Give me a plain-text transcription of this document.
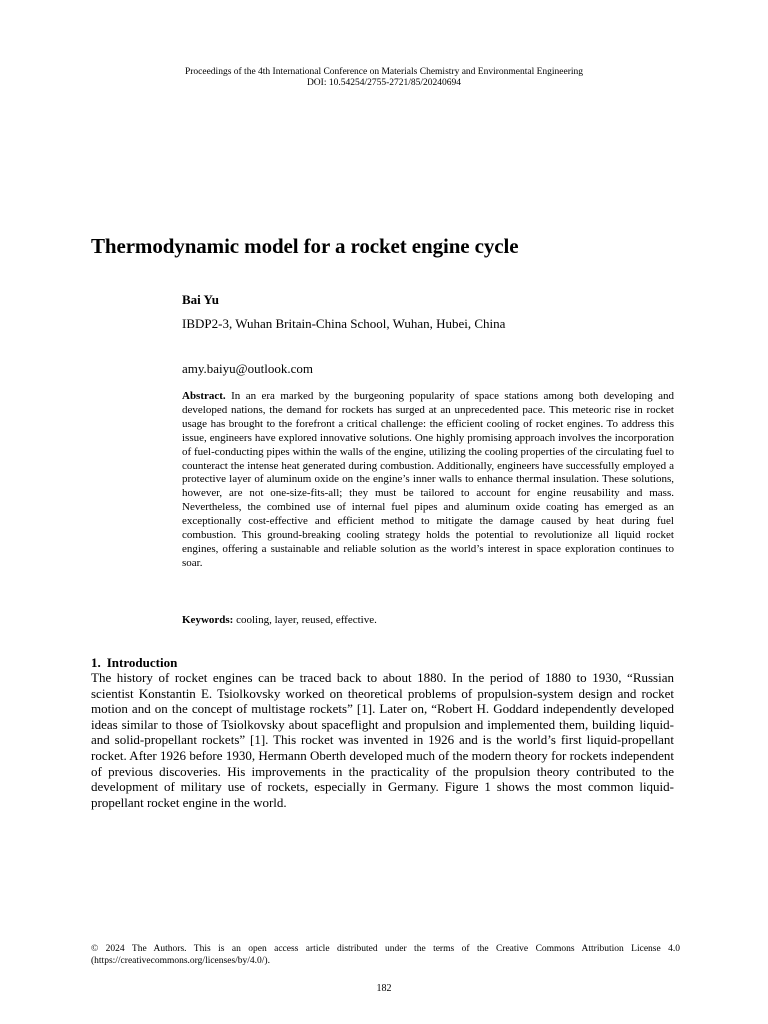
Proceedings of the 4th International Conference on Materials Chemistry and Environmental Engineering
DOI: 10.54254/2755-2721/85/20240694
Thermodynamic model for a rocket engine cycle
Bai Yu
IBDP2-3, Wuhan Britain-China School, Wuhan, Hubei, China
amy.baiyu@outlook.com
Abstract. In an era marked by the burgeoning popularity of space stations among both developing and developed nations, the demand for rockets has surged at an unprecedented pace. This meteoric rise in rocket usage has brought to the forefront a critical challenge: the efficient cooling of rocket engines. To address this issue, engineers have explored innovative solutions. One highly promising approach involves the incorporation of fuel-conducting pipes within the walls of the engine, utilizing the cooling properties of the circulating fuel to counteract the intense heat generated during combustion. Additionally, engineers have successfully employed a protective layer of aluminum oxide on the engine’s inner walls to enhance thermal insulation. These solutions, however, are not one-size-fits-all; they must be tailored to account for engine reusability and mass. Nevertheless, the combined use of internal fuel pipes and aluminum oxide coating has emerged as an exceptionally cost-effective and efficient method to mitigate the damage caused by heat during fuel combustion. This ground-breaking cooling strategy holds the potential to revolutionize all liquid rocket engines, offering a sustainable and reliable solution as the world’s interest in space exploration continues to soar.
Keywords: cooling, layer, reused, effective.
1. Introduction
The history of rocket engines can be traced back to about 1880. In the period of 1880 to 1930, “Russian scientist Konstantin E. Tsiolkovsky worked on theoretical problems of propulsion-system design and rocket motion and on the concept of multistage rockets” [1]. Later on, “Robert H. Goddard independently developed ideas similar to those of Tsiolkovsky about spaceflight and propulsion and implemented them, building liquid- and solid-propellant rockets” [1]. This rocket was invented in 1926 and is the world’s first liquid-propellant rocket. After 1926 before 1930, Hermann Oberth developed much of the modern theory for rockets independent of previous discoveries. His improvements in the practicality of the propulsion theory contributed to the development of military use of rockets, especially in Germany. Figure 1 shows the most common liquid-propellant rocket engine in the world.
© 2024 The Authors. This is an open access article distributed under the terms of the Creative Commons Attribution License 4.0 (https://creativecommons.org/licenses/by/4.0/).
182
